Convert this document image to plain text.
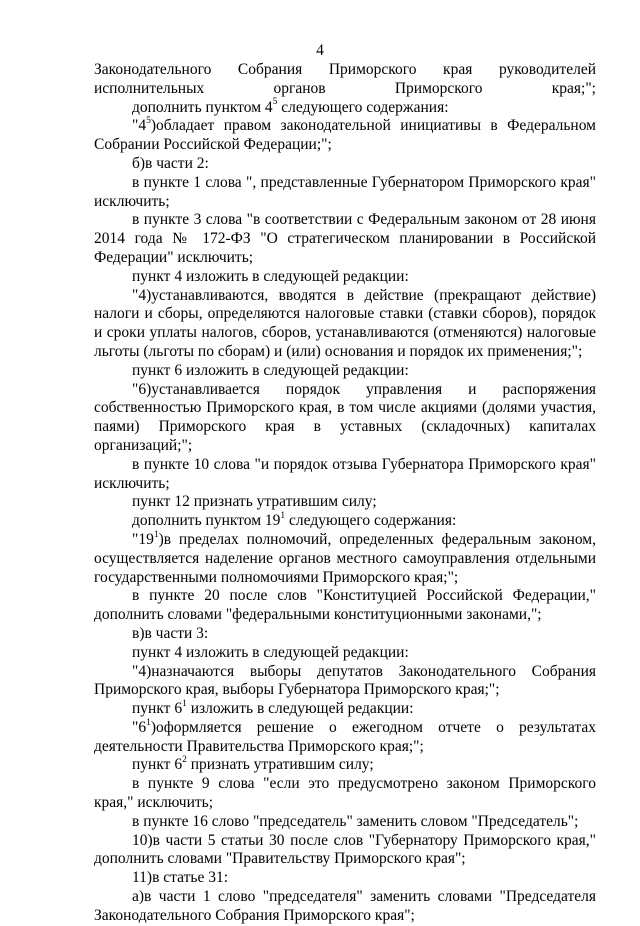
4

Законодательного Собрания Приморского края руководителей исполнительных органов Приморского края;";

дополнить пунктом $4^5$ следующего содержания:

"$4^5)обладает$ правом законодательной инициативы в Федеральном Собрании Российской Федерации;";

б)в части 2:

в пункте 1 слова ", представленные Губернатором Приморского края" исключить;

в пункте 3 слова "в соответствии с Федеральным законом от 28 июня 2014 года № 172-ФЗ "О стратегическом планировании в Российской Федерации" исключить;

пункт 4 изложить в следующей редакции:

"4)устанавливаются, вводятся в действие (прекращают действие) налоги и сборы, определяются налоговые ставки (ставки сборов), порядок и сроки уплаты налогов, сборов, устанавливаются (отменяются) налоговые льготы (льготы по сборам) и (или) основания и порядок их применения;";

пункт 6 изложить в следующей редакции:

"6)устанавливается порядок управления и распоряжения собственностью Приморского края, в том числе акциями (долями участия, паями) Приморского края в уставных (складочных) капиталах организаций;";

в пункте 10 слова "и порядок отзыва Губернатора Приморского края" исключить;

пункт 12 признать утратившим силу;

дополнить пунктом $19^1$ следующего содержания:

"$19^1)в$ пределах полномочий, определенных федеральным законом, осуществляется наделение органов местного самоуправления отдельными государственными полномочиями Приморского края;";

в пункте 20 после слов "Конституцией Российской Федерации," дополнить словами "федеральными конституционными законами,";

в)в части 3:

пункт 4 изложить в следующей редакции:

"4)назначаются выборы депутатов Законодательного Собрания Приморского края, выборы Губернатора Приморского края;";

пункт $6^1$ изложить в следующей редакции:

"$6^1)оформляется$ решение о ежегодном отчете о результатах деятельности Правительства Приморского края;";

пункт $6^2$ признать утратившим силу;

в пункте 9 слова "если это предусмотрено законом Приморского края," исключить;

в пункте 16 слово "председатель" заменить словом "Председатель";

10)в части 5 статьи 30 после слов "Губернатору Приморского края," дополнить словами "Правительству Приморского края";

11)в статье 31:

а)в части 1 слово "председателя" заменить словами "Председателя Законодательного Собрания Приморского края";
